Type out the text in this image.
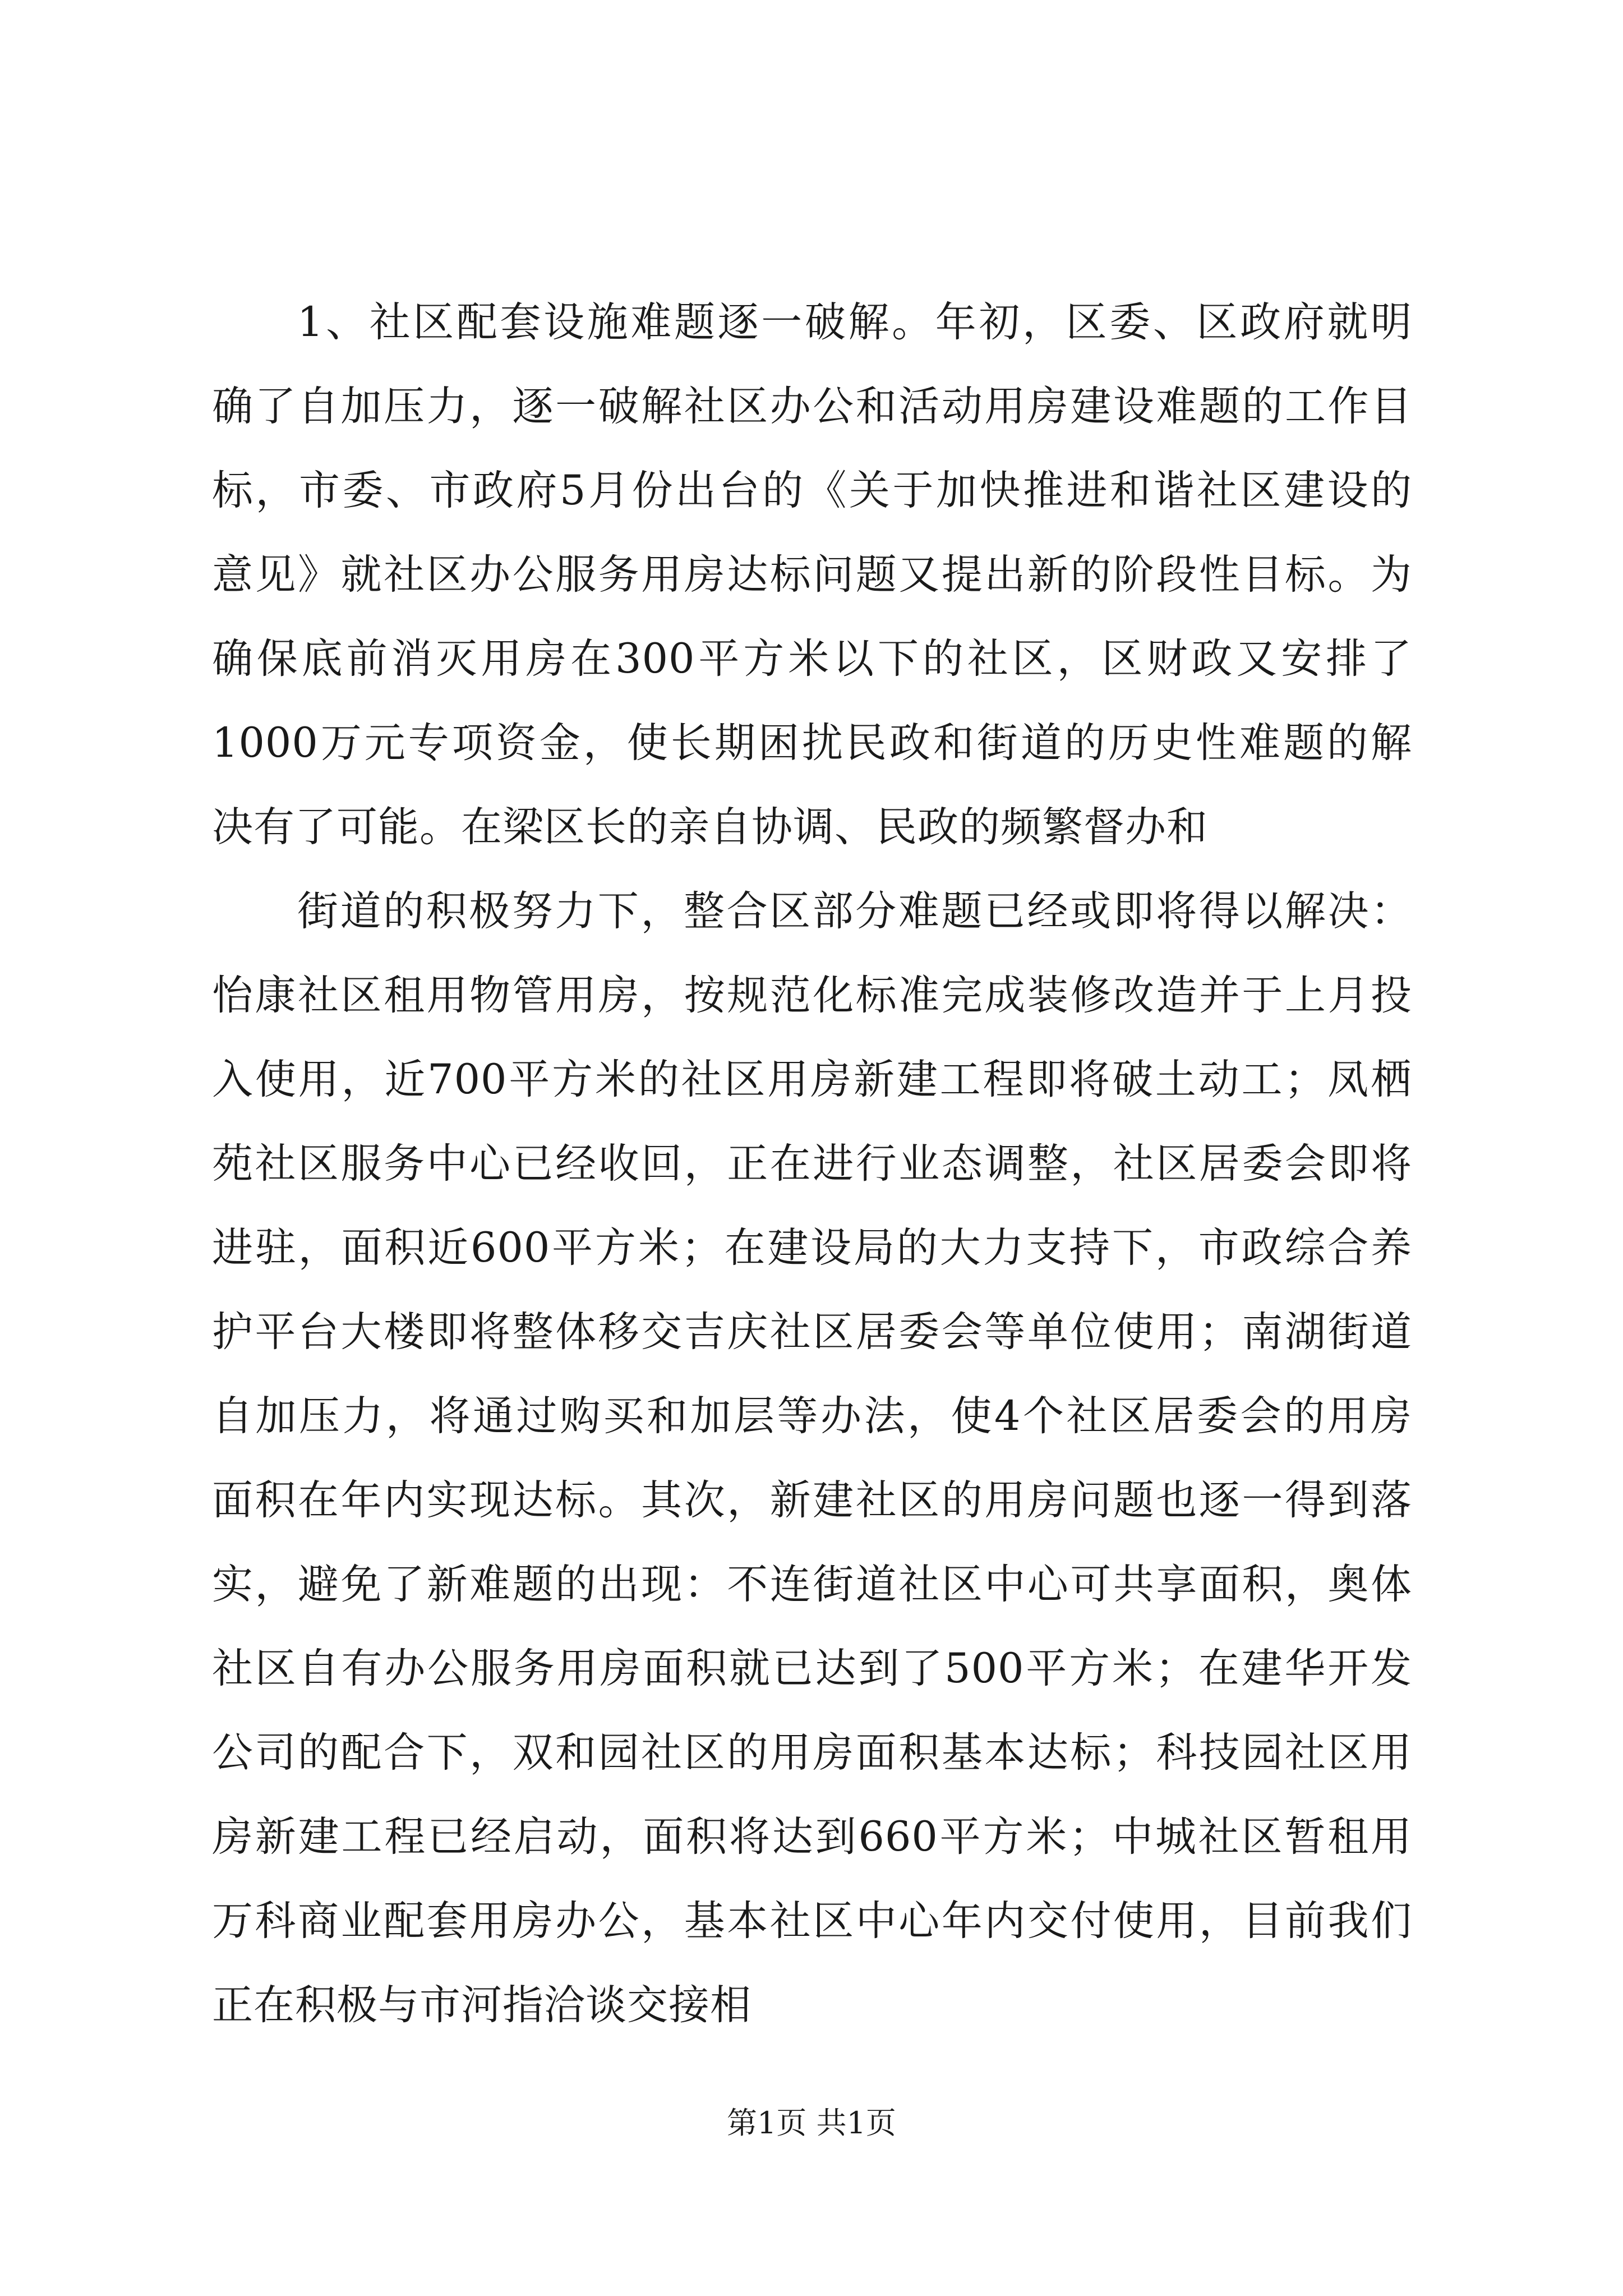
1、社区配套设施难题逐一破解。年初，区委、区政府就明
确了自加压力，逐一破解社区办公和活动用房建设难题的工作目
标，市委、市政府5月份出台的《关于加快推进和谐社区建设的
意见》就社区办公服务用房达标问题又提出新的阶段性目标。为
确保底前消灭用房在300平方米以下的社区，区财政又安排了
1000万元专项资金，使长期困扰民政和街道的历史性难题的解
决有了可能。在梁区长的亲自协调、民政的频繁督办和
街道的积极努力下，整合区部分难题已经或即将得以解决：
怡康社区租用物管用房，按规范化标准完成装修改造并于上月投
入使用，近700平方米的社区用房新建工程即将破土动工；凤栖
苑社区服务中心已经收回，正在进行业态调整，社区居委会即将
进驻，面积近600平方米；在建设局的大力支持下，市政综合养
护平台大楼即将整体移交吉庆社区居委会等单位使用；南湖街道
自加压力，将通过购买和加层等办法，使4个社区居委会的用房
面积在年内实现达标。其次，新建社区的用房问题也逐一得到落
实，避免了新难题的出现：不连街道社区中心可共享面积，奥体
社区自有办公服务用房面积就已达到了500平方米；在建华开发
公司的配合下，双和园社区的用房面积基本达标；科技园社区用
房新建工程已经启动，面积将达到660平方米；中城社区暂租用
万科商业配套用房办公，基本社区中心年内交付使用，目前我们
正在积极与市河指洽谈交接相
第1页 共1页
